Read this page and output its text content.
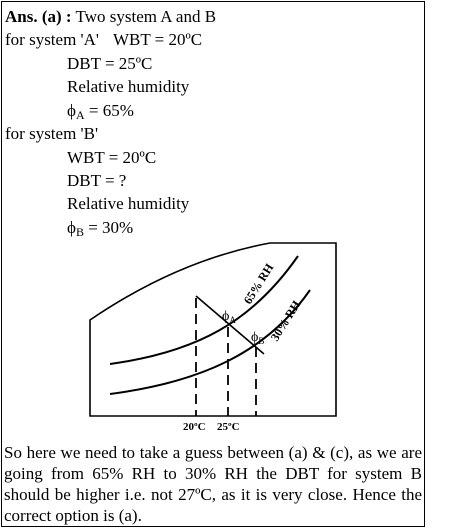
Ans. (a) : Two system A and B
for system 'A' WBT = 20ºC
DBT = 25ºC
Relative humidity
$\phi_A = 65\%$
for system 'B'
WBT = 20ºC
DBT = ?
Relative humidity
$\phi_B = 30\%$
$\phi_A$
$\phi_B$
65% RH
30% RH
20ºC 25ºC
So here we need to take a guess between (a) & (c), as we are going from 65% RH to 30% RH the DBT for system B should be higher i.e. not 27ºC, as it is very close. Hence the correct option is (a).
